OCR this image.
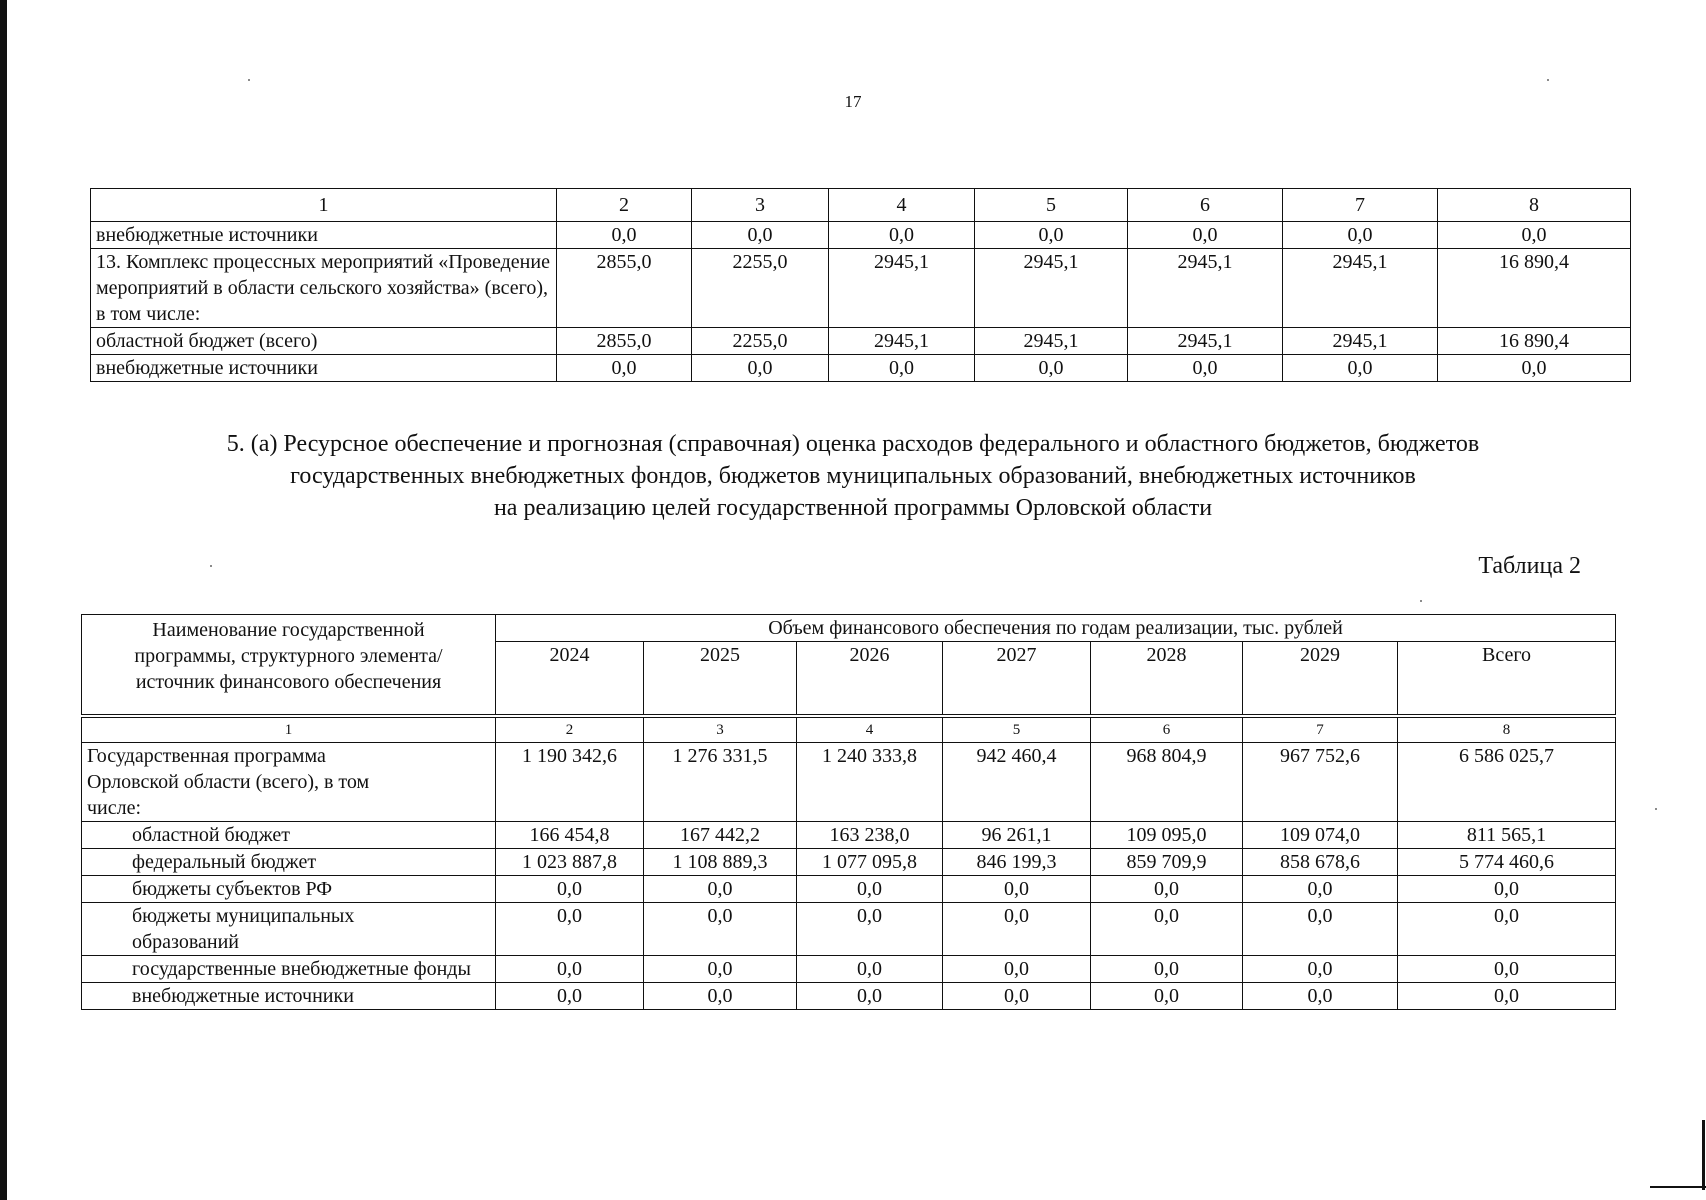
17
1	2	3	4	5	6	7	8
внебюджетные источники	0,0	0,0	0,0	0,0	0,0	0,0	0,0
13. Комплекс процессных мероприятий «Проведение мероприятий в области сельского хозяйства» (всего), в том числе:	2855,0	2255,0	2945,1	2945,1	2945,1	2945,1	16 890,4
областной бюджет (всего)	2855,0	2255,0	2945,1	2945,1	2945,1	2945,1	16 890,4
внебюджетные источники	0,0	0,0	0,0	0,0	0,0	0,0	0,0
5. (а) Ресурсное обеспечение и прогнозная (справочная) оценка расходов федерального и областного бюджетов, бюджетов
государственных внебюджетных фондов, бюджетов муниципальных образований, внебюджетных источников
на реализацию целей государственной программы Орловской области
Таблица 2
Наименование государственной программы, структурного элемента/источник финансового обеспечения	Объем финансового обеспечения по годам реализации, тыс. рублей						
	2024	2025	2026	2027	2028	2029	Всего

1	2	3	4	5	6	7	8
Государственная программа Орловской области (всего), в том числе:	1 190 342,6	1 276 331,5	1 240 333,8	942 460,4	968 804,9	967 752,6	6 586 025,7
областной бюджет	166 454,8	167 442,2	163 238,0	96 261,1	109 095,0	109 074,0	811 565,1
федеральный бюджет	1 023 887,8	1 108 889,3	1 077 095,8	846 199,3	859 709,9	858 678,6	5 774 460,6
бюджеты субъектов РФ	0,0	0,0	0,0	0,0	0,0	0,0	0,0
бюджеты муниципальных образований	0,0	0,0	0,0	0,0	0,0	0,0	0,0
государственные внебюджетные фонды	0,0	0,0	0,0	0,0	0,0	0,0	0,0
внебюджетные источники	0,0	0,0	0,0	0,0	0,0	0,0	0,0
